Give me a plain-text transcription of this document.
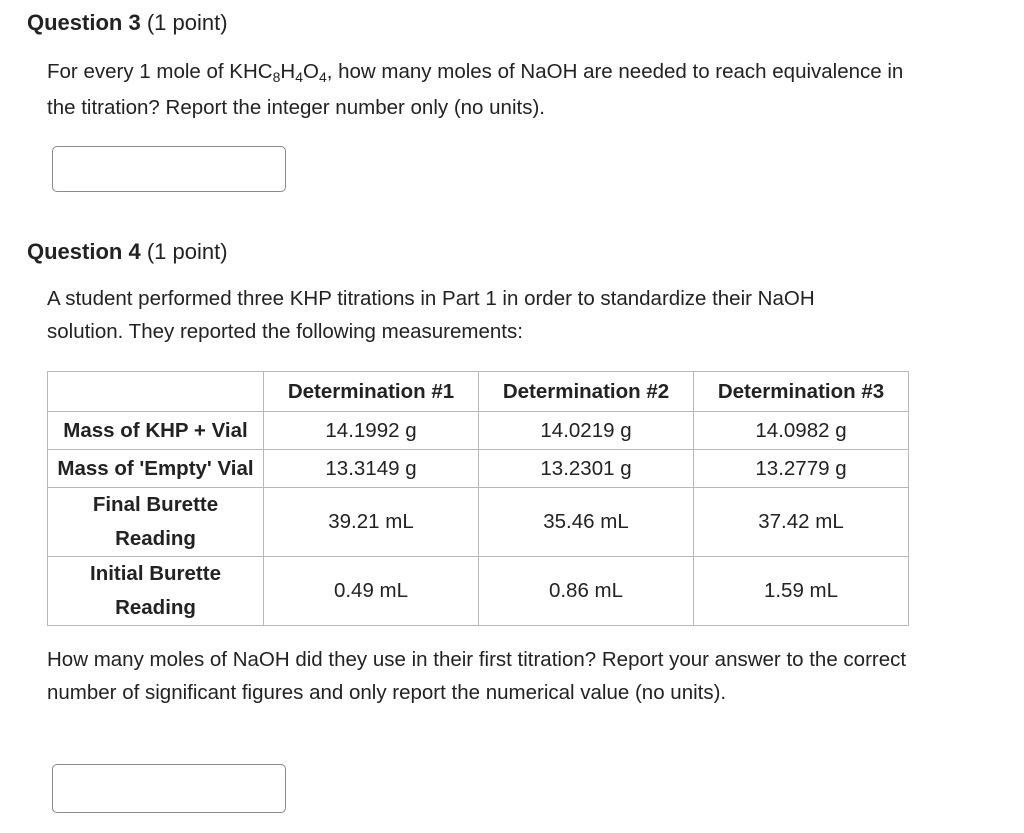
Question 3 (1 point)
For every 1 mole of $KHC_8H_4O_4$, how many moles of NaOH are needed to reach equivalence in the titration? Report the integer number only (no units).
Question 4 (1 point)
A student performed three KHP titrations in Part 1 in order to standardize their NaOH solution. They reported the following measurements:
	Determination #1	Determination #2	Determination #3
Mass of KHP + Vial	14.1992 g	14.0219 g	14.0982 g
Mass of 'Empty' Vial	13.3149 g	13.2301 g	13.2779 g

Final Burette
Reading	39.21 mL	35.46 mL	37.42 mL

Initial Burette
Reading	0.49 mL	0.86 mL	1.59 mL
How many moles of NaOH did they use in their first titration? Report your answer to the correct number of significant figures and only report the numerical value (no units).
